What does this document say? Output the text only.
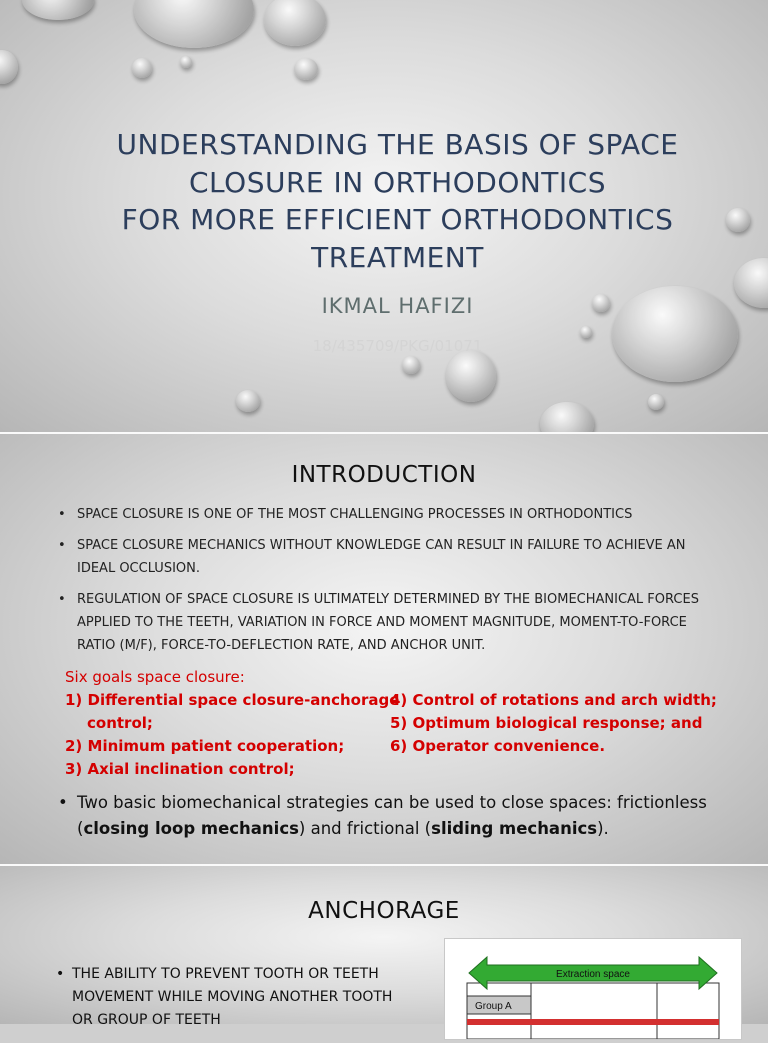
UNDERSTANDING THE BASIS OF SPACE
CLOSURE IN ORTHODONTICS
FOR MORE EFFICIENT ORTHODONTICS
TREATMENT
IKMAL HAFIZI
18/435709/PKG/01071
INTRODUCTION
• SPACE CLOSURE IS ONE OF THE MOST CHALLENGING PROCESSES IN ORTHODONTICS
• SPACE CLOSURE MECHANICS WITHOUT KNOWLEDGE CAN RESULT IN FAILURE TO ACHIEVE AN IDEAL OCCLUSION.
• REGULATION OF SPACE CLOSURE IS ULTIMATELY DETERMINED BY THE BIOMECHANICAL FORCES APPLIED TO THE TEETH, VARIATION IN FORCE AND MOMENT MAGNITUDE, MOMENT-TO-FORCE RATIO (M/F), FORCE-TO-DEFLECTION RATE, AND ANCHOR UNIT.
Six goals space closure:
1) Differential space closure-anchorage
control;
2) Minimum patient cooperation;
3) Axial inclination control;
4) Control of rotations and arch width;
5) Optimum biological response; and
6) Operator convenience.
• Two basic biomechanical strategies can be used to close spaces: frictionless (closing loop mechanics) and frictional (sliding mechanics).
ANCHORAGE
• THE ABILITY TO PREVENT TOOTH OR TEETH MOVEMENT WHILE MOVING ANOTHER TOOTH OR GROUP OF TEETH
Extraction space
Group A
